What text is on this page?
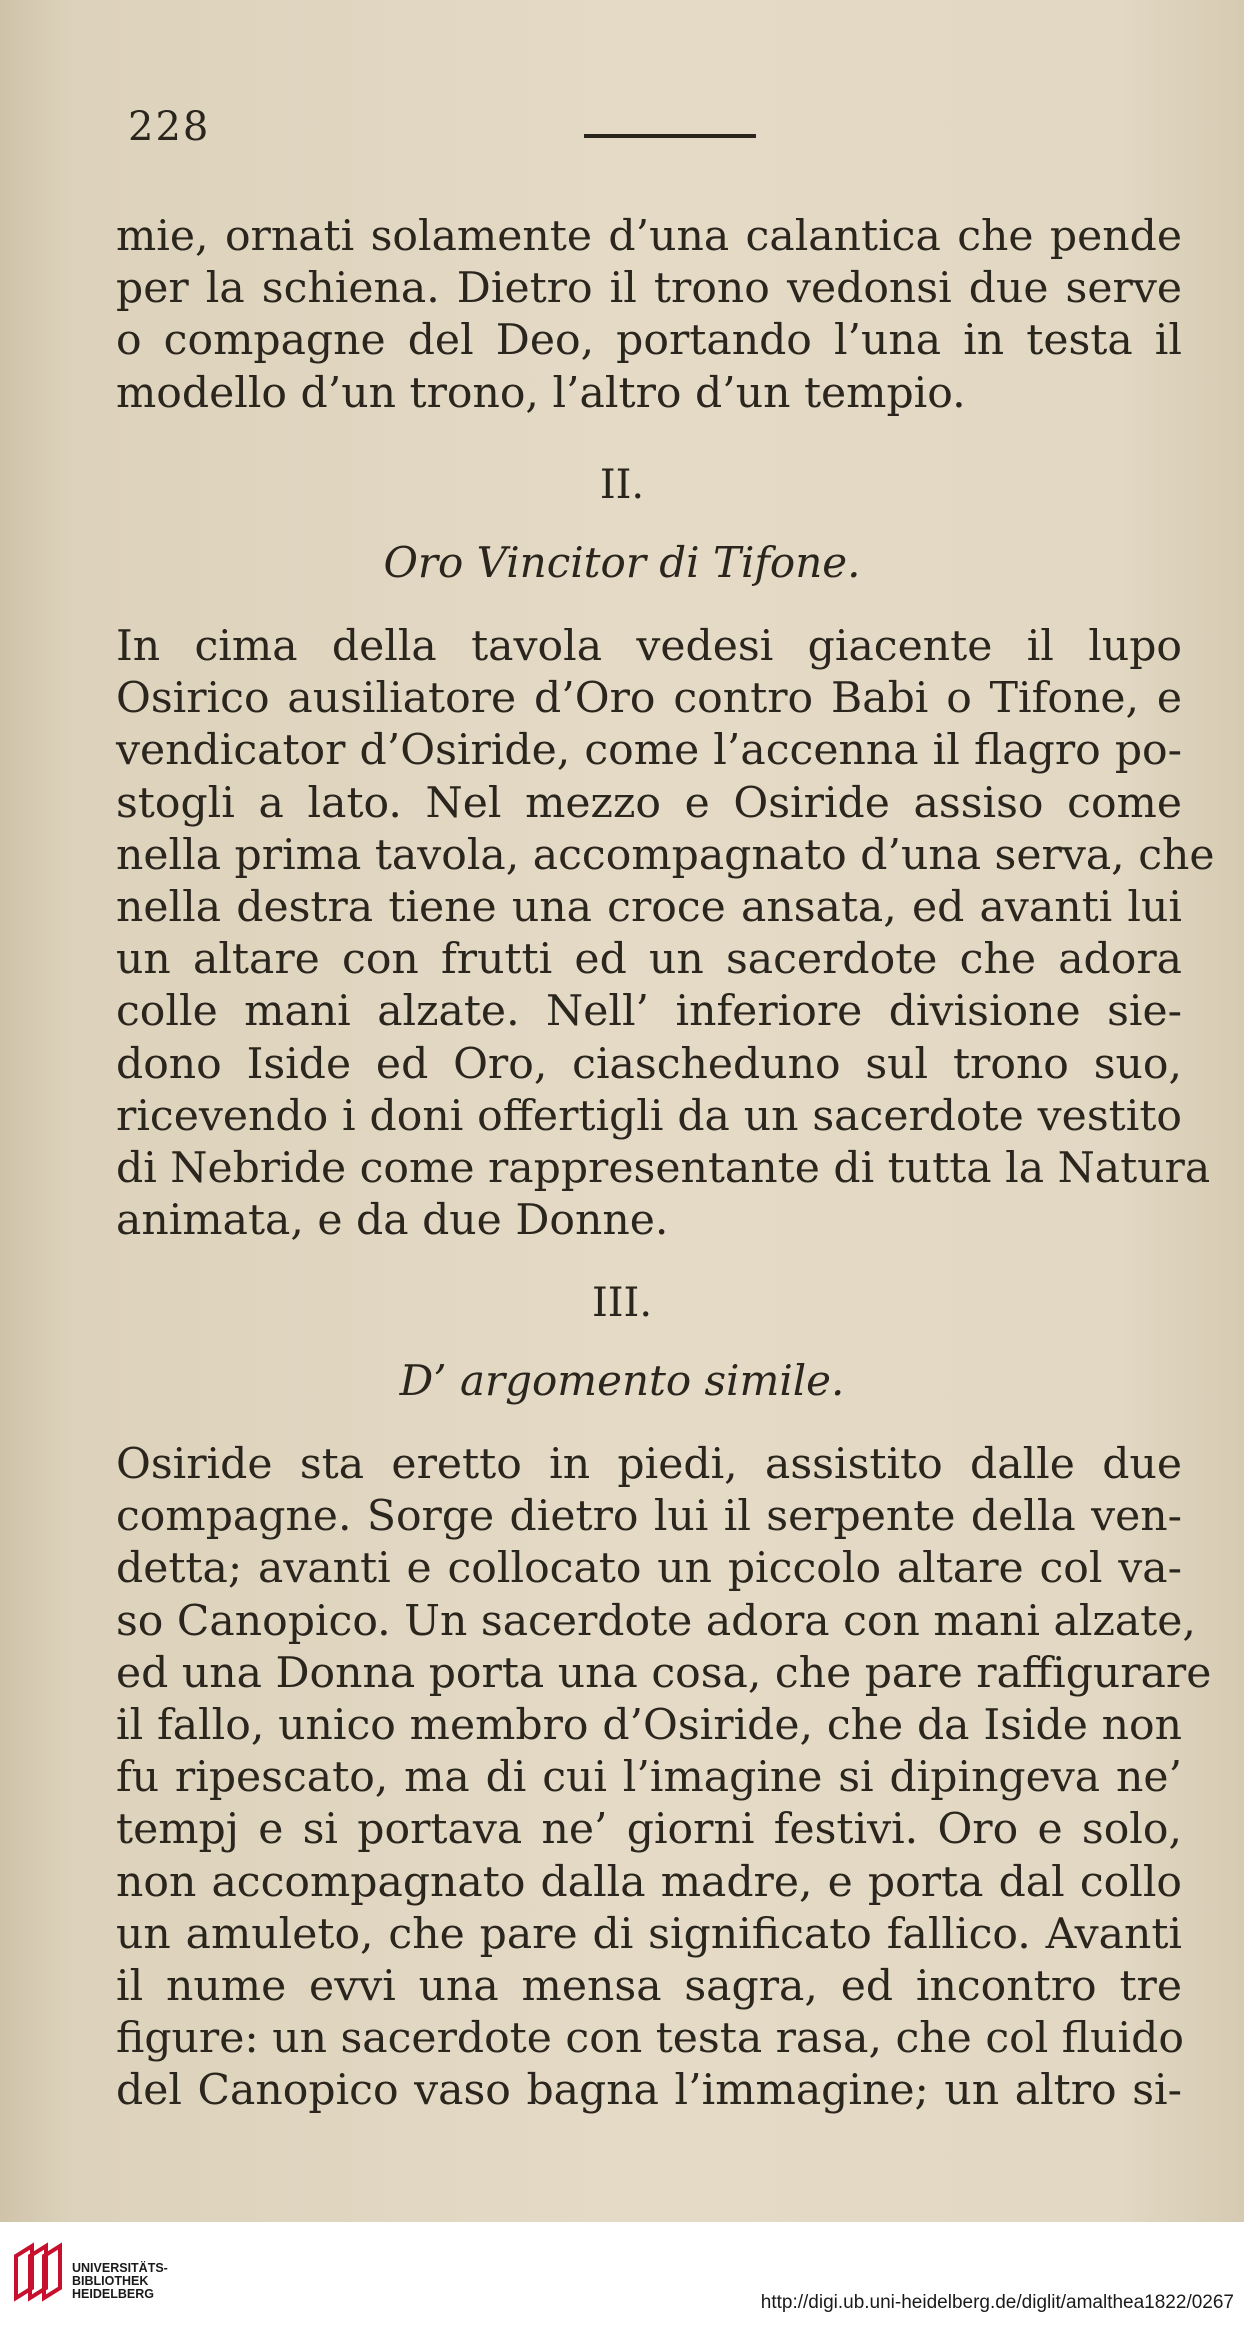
228
mie, ornati solamente d’una calantica che pende
per la schiena. Dietro il trono vedonsi due serve
o compagne del Deo, portando l’una in testa il
modello d’un trono, l’altro d’un tempio.
II.
Oro Vincitor di Tifone.
In cima della tavola vedesi giacente il lupo
Osirico ausiliatore d’Oro contro Babi o Tifone, e
vendicator d’Osiride, come l’accenna il flagro po-
stogli a lato. Nel mezzo e Osiride assiso come
nella prima tavola, accompagnato d’una serva, che
nella destra tiene una croce ansata, ed avanti lui
un altare con frutti ed un sacerdote che adora
colle mani alzate. Nell’ inferiore divisione sie-
dono Iside ed Oro, ciascheduno sul trono suo,
ricevendo i doni offertigli da un sacerdote vestito
di Nebride come rappresentante di tutta la Natura
animata, e da due Donne.
III.
D’ argomento simile.
Osiride sta eretto in piedi, assistito dalle due
compagne. Sorge dietro lui il serpente della ven-
detta; avanti e collocato un piccolo altare col va-
so Canopico. Un sacerdote adora con mani alzate,
ed una Donna porta una cosa, che pare raffigurare
il fallo, unico membro d’Osiride, che da Iside non
fu ripescato, ma di cui l’imagine si dipingeva ne’
tempj e si portava ne’ giorni festivi. Oro e solo,
non accompagnato dalla madre, e porta dal collo
un amuleto, che pare di significato fallico. Avanti
il nume evvi una mensa sagra, ed incontro tre
figure: un sacerdote con testa rasa, che col fluido
del Canopico vaso bagna l’immagine; un altro si-
UNIVERSITÄTS-
BIBLIOTHEK
HEIDELBERG	http://digi.ub.uni-heidelberg.de/diglit/amalthea1822/0267
